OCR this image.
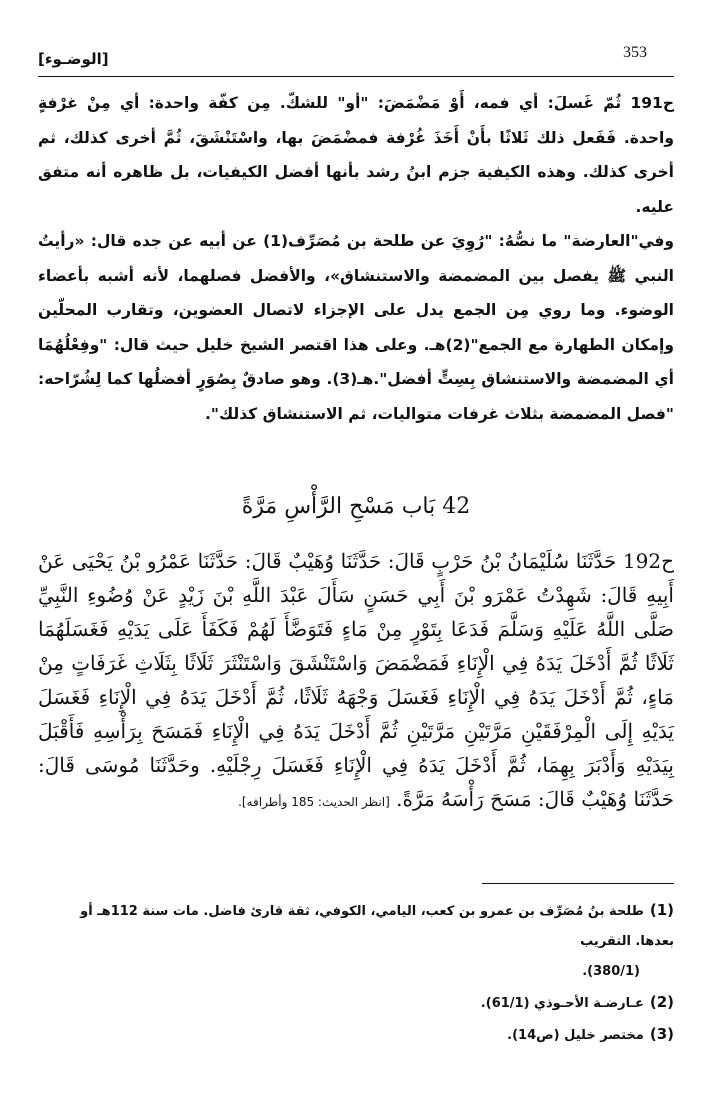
353
[الوضـوء]

ح191 ثُمّ غَسلَ: أي فمه، أَوْ مَضْمَضَ: "أو" للشكّ. مِن كفّة واحدة: أي مِنْ غرْفةٍ واحدة. فَفَعل ذلك ثَلاثًا بأَنْ أَخَذَ غُرْفة فمضْمَضَ بها، واسْتَنْشَقَ، ثُمَّ أخرى كذلك، ثم أخرى كذلك. وهذه الكيفية جزم ابنُ رشد بأنها أفضل الكيفيات، بل ظاهره أنه متفق عليه.

وفي"العارضة" ما نصُّهُ: "رُوِيَ عن طلحة بن مُصَرِّف(1) عن أبيه عن جده قال: «رأيتُ النبي ﷺ يفصل بين المضمضة والاستنشاق»، والأفضل فصلهما، لأنه أشبه بأعضاء الوضوء. وما روي مِن الجمع يدل على الإجزاء لاتصال العضوين، وتقارب المحلّين وإمكان الطهارة مع الجمع"(2)هـ. وعلى هذا اقتصر الشيخ خليل حيث قال: "وفِعْلُهُمَا أي المضمضة والاستنشاق بِسِتٍّ أفضل".هـ(3). وهو صادقٌ بِصُوَرٍ أفضلُها كما لِشُرّاحه: "فصل المضمضة بثلاث غرفات متواليات، ثم الاستنشاق كذلك".

42 بَاب مَسْحِ الرَّأْسِ مَرَّةً
ح192 حَدَّثَنَا سُلَيْمَانُ بْنُ حَرْبٍ قَالَ: حَدَّثَنَا وُهَيْبٌ قَالَ: حَدَّثَنَا عَمْرُو بْنُ يَحْيَى عَنْ أَبِيهِ قَالَ: شَهِدْتُ عَمْرَو بْنَ أَبِي حَسَنٍ سَأَلَ عَبْدَ اللَّهِ بْنَ زَيْدٍ عَنْ وُضُوءِ النَّبِيِّ صَلَّى اللَّهُ عَلَيْهِ وَسَلَّمَ فَدَعَا بِتَوْرٍ مِنْ مَاءٍ فَتَوَضَّأَ لَهُمْ فَكَفَأَ عَلَى يَدَيْهِ فَغَسَلَهُمَا ثَلَاثًا ثُمَّ أَدْخَلَ يَدَهُ فِي الْإِنَاءِ فَمَضْمَضَ وَاسْتَنْشَقَ وَاسْتَنْثَرَ ثَلَاثًا بِثَلَاثِ غَرَفَاتٍ مِنْ مَاءٍ، ثُمَّ أَدْخَلَ يَدَهُ فِي الْإِنَاءِ فَغَسَلَ وَجْهَهُ ثَلَاثًا، ثُمَّ أَدْخَلَ يَدَهُ فِي الْإِنَاءِ فَغَسَلَ يَدَيْهِ إِلَى الْمِرْفَقَيْنِ مَرَّتَيْنِ مَرَّتَيْنِ ثُمَّ أَدْخَلَ يَدَهُ فِي الْإِنَاءِ فَمَسَحَ بِرَأْسِهِ فَأَقْبَلَ بِيَدَيْهِ وَأَدْبَرَ بِهِمَا، ثُمَّ أَدْخَلَ يَدَهُ فِي الْإِنَاءِ فَغَسَلَ رِجْلَيْهِ. وحَدَّثَنَا مُوسَى قَالَ: حَدَّثَنَا وُهَيْبٌ قَالَ: مَسَحَ رَأْسَهُ مَرَّةً. [انظر الحديث: 185 وأطرافه].

(1)طلحة بنُ مُصَرِّف بن عمرو بن كعب، اليامي، الكوفي، ثقة قارئ فاضل. مات سنة 112هـ أو بعدها. التقريب

(380/1).

(2)عـارضـة الأحـوذي (61/1).

(3)مختصر خليل (ص14).
